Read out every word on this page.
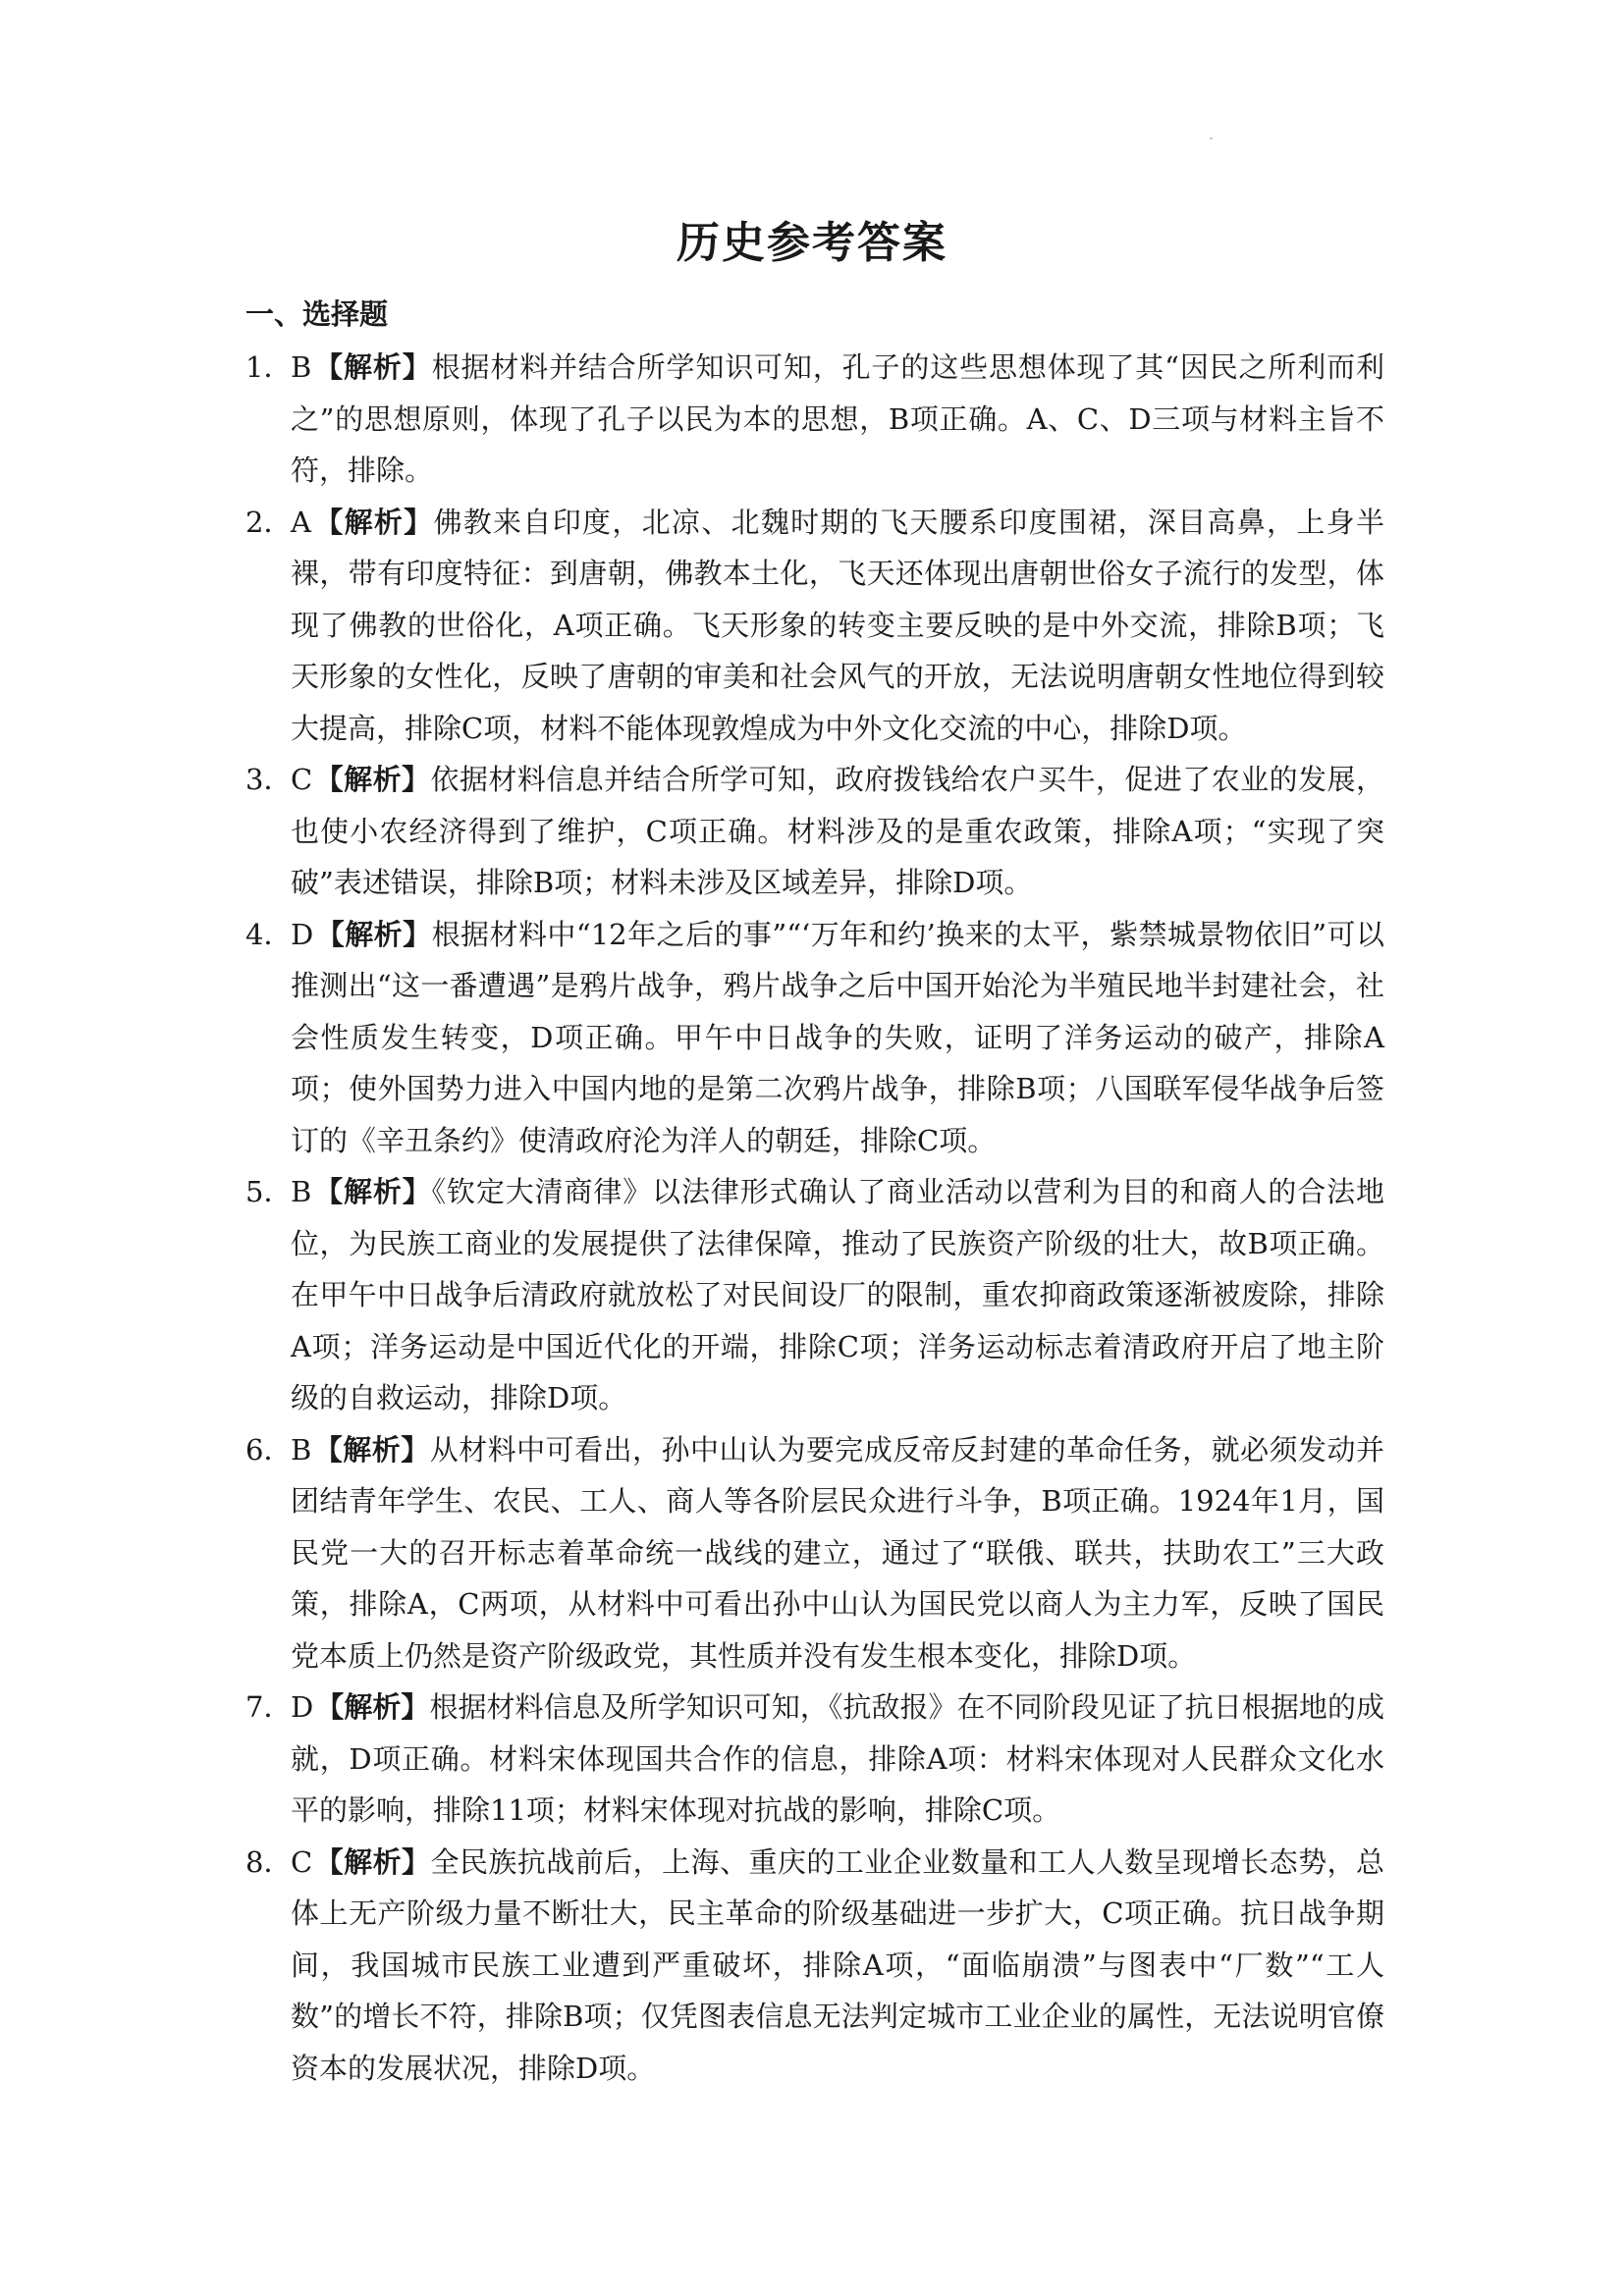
历史参考答案
一、选择题
1．
B【解析】根据材料并结合所学知识可知，孔子的这些思想体现了其“因民之所利而利之”的思想原则，体现了孔子以民为本的思想，B项正确。A、C、D三项与材料主旨不符，排除。
2．
A【解析】佛教来自印度，北凉、北魏时期的飞天腰系印度围裙，深目高鼻，上身半裸，带有印度特征：到唐朝，佛教本土化，飞天还体现出唐朝世俗女子流行的发型，体现了佛教的世俗化，A项正确。飞天形象的转变主要反映的是中外交流，排除B项；飞天形象的女性化，反映了唐朝的审美和社会风气的开放，无法说明唐朝女性地位得到较大提高，排除C项，材料不能体现敦煌成为中外文化交流的中心，排除D项。
3．
C【解析】依据材料信息并结合所学可知，政府拨钱给农户买牛，促进了农业的发展，也使小农经济得到了维护，C项正确。材料涉及的是重农政策，排除A项；“实现了突破”表述错误，排除B项；材料未涉及区域差异，排除D项。
4．
D【解析】根据材料中“12年之后的事”“‘万年和约’换来的太平，紫禁城景物依旧”可以推测出“这一番遭遇”是鸦片战争，鸦片战争之后中国开始沦为半殖民地半封建社会，社会性质发生转变，D项正确。甲午中日战争的失败，证明了洋务运动的破产，排除A项；使外国势力进入中国内地的是第二次鸦片战争，排除B项；八国联军侵华战争后签订的《辛丑条约》使清政府沦为洋人的朝廷，排除C项。
5．
B【解析】《钦定大清商律》以法律形式确认了商业活动以营利为目的和商人的合法地位，为民族工商业的发展提供了法律保障，推动了民族资产阶级的壮大，故B项正确。在甲午中日战争后清政府就放松了对民间设厂的限制，重农抑商政策逐渐被废除，排除A项；洋务运动是中国近代化的开端，排除C项；洋务运动标志着清政府开启了地主阶级的自救运动，排除D项。
6．
B【解析】从材料中可看出，孙中山认为要完成反帝反封建的革命任务，就必须发动并团结青年学生、农民、工人、商人等各阶层民众进行斗争，B项正确。1924年1月，国民党一大的召开标志着革命统一战线的建立，通过了“联俄、联共，扶助农工”三大政策，排除A，C两项，从材料中可看出孙中山认为国民党以商人为主力军，反映了国民党本质上仍然是资产阶级政党，其性质并没有发生根本变化，排除D项。
7．
D【解析】根据材料信息及所学知识可知，《抗敌报》在不同阶段见证了抗日根据地的成就，D项正确。材料宋体现国共合作的信息，排除A项：材料宋体现对人民群众文化水平的影响，排除11项；材料宋体现对抗战的影响，排除C项。
8．
C【解析】全民族抗战前后，上海、重庆的工业企业数量和工人人数呈现增长态势，总体上无产阶级力量不断壮大，民主革命的阶级基础进一步扩大，C项正确。抗日战争期间，我国城市民族工业遭到严重破坏，排除A项，“面临崩溃”与图表中“厂数”“工人数”的增长不符，排除B项；仅凭图表信息无法判定城市工业企业的属性，无法说明官僚资本的发展状况，排除D项。
